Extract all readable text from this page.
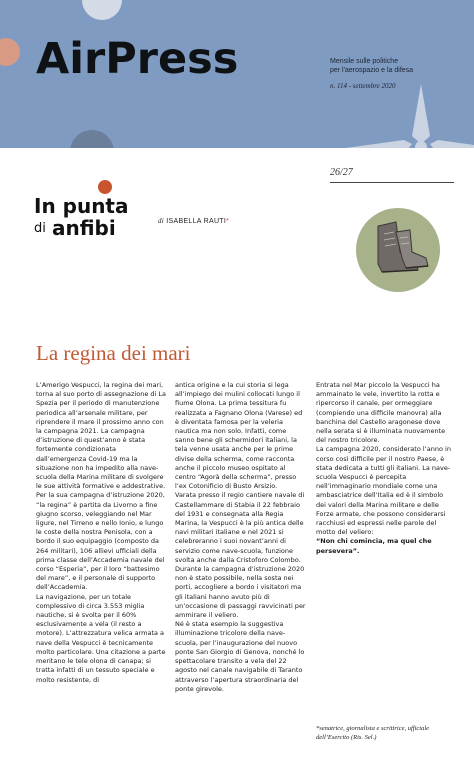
AirPress	Mensile sulle politiche
per l'aerospazio e la difesa
n. 114 - settembre 2020
26/27
In punta
di anfibi	di ISABELLA RAUTI*
La regina dei mari

L’Amerigo Vespucci, la regina dei mari, torna al suo porto di assegnazione di La Spezia per il periodo di manutenzione periodica all’arsenale militare, per riprendere il mare il prossimo anno con la campagna 2021. La campagna d’istruzione di quest’anno è stata fortemente condizionata dall’emergenza Covid-19 ma la situazione non ha impedito alla nave-scuola della Marina militare di svolgere le sue attività formative e addestrative.
Per la sua campagna d’istruzione 2020, “la regina” è partita da Livorno a fine giugno scorso, veleggiando nel Mar ligure, nel Tirreno e nello Ionio, e lungo le coste della nostra Penisola, con a bordo il suo equipaggio (composto da 264 militari), 106 allievi ufficiali della prima classe dell’Accademia navale del corso “Esperia”, per il loro “battesimo del mare”, e il personale di supporto dell’Accademia.
La navigazione, per un totale complessivo di circa 3.553 miglia nautiche, si è svolta per il 60% esclusivamente a vela (il resto a motore). L’attrezzatura velica armata a nave della Vespucci è tecnicamente molto particolare. Una citazione a parte meritano le tele olona di canapa; si tratta infatti di un tessuto speciale e molto resistente, di

antica origine e la cui storia si lega all’impiego dei mulini collocati lungo il fiume Olona. La prima tessitura fu realizzata a Fagnano Olona (Varese) ed è diventata famosa per la veleria nautica ma non solo. Infatti, come sanno bene gli schermidori italiani, la tela venne usata anche per le prime divise della scherma, come racconta anche il piccolo museo ospitato al centro “Agorà della scherma”, presso l’ex Cotonificio di Busto Arsizio.
Varata presso il regio cantiere navale di Castellammare di Stabia il 22 febbraio del 1931 e consegnata alla Regia Marina, la Vespucci è la più antica delle navi militari italiane e nel 2021 si celebreranno i suoi novant’anni di servizio come nave-scuola, funzione svolta anche dalla Cristoforo Colombo.
Durante la campagna d’istruzione 2020 non è stato possibile, nella sosta nei porti, accogliere a bordo i visitatori ma gli italiani hanno avuto più di un’occasione di passaggi ravvicinati per ammirare il veliero.
Né è stata esempio la suggestiva illuminazione tricolore della nave-scuola, per l’inaugurazione del nuovo ponte San Giorgio di Genova, nonché lo spettacolare transito a vela del 22 agosto nel canale navigabile di Taranto attraverso l’apertura straordinaria del ponte girevole.

Entrata nel Mar piccolo la Vespucci ha ammainato le vele, invertito la rotta e ripercorso il canale, per ormeggiare (compiendo una difficile manovra) alla banchina del Castello aragonese dove nella serata si è illuminata nuovamente del nostro tricolore.
La campagna 2020, considerato l’anno in corso così difficile per il nostro Paese, è stata dedicata a tutti gli italiani. La nave-scuola Vespucci è percepita nell’immaginario mondiale come una ambasciatrice dell’Italia ed è il simbolo dei valori della Marina militare e delle Forze armate, che possono considerarsi racchiusi ed espressi nelle parole del motto del veliero:

“Non chi comincia, ma quel che persevera”.

*senatrice, giornalista e scrittrice, ufficiale dell’Esercito (Ris. Sel.)
